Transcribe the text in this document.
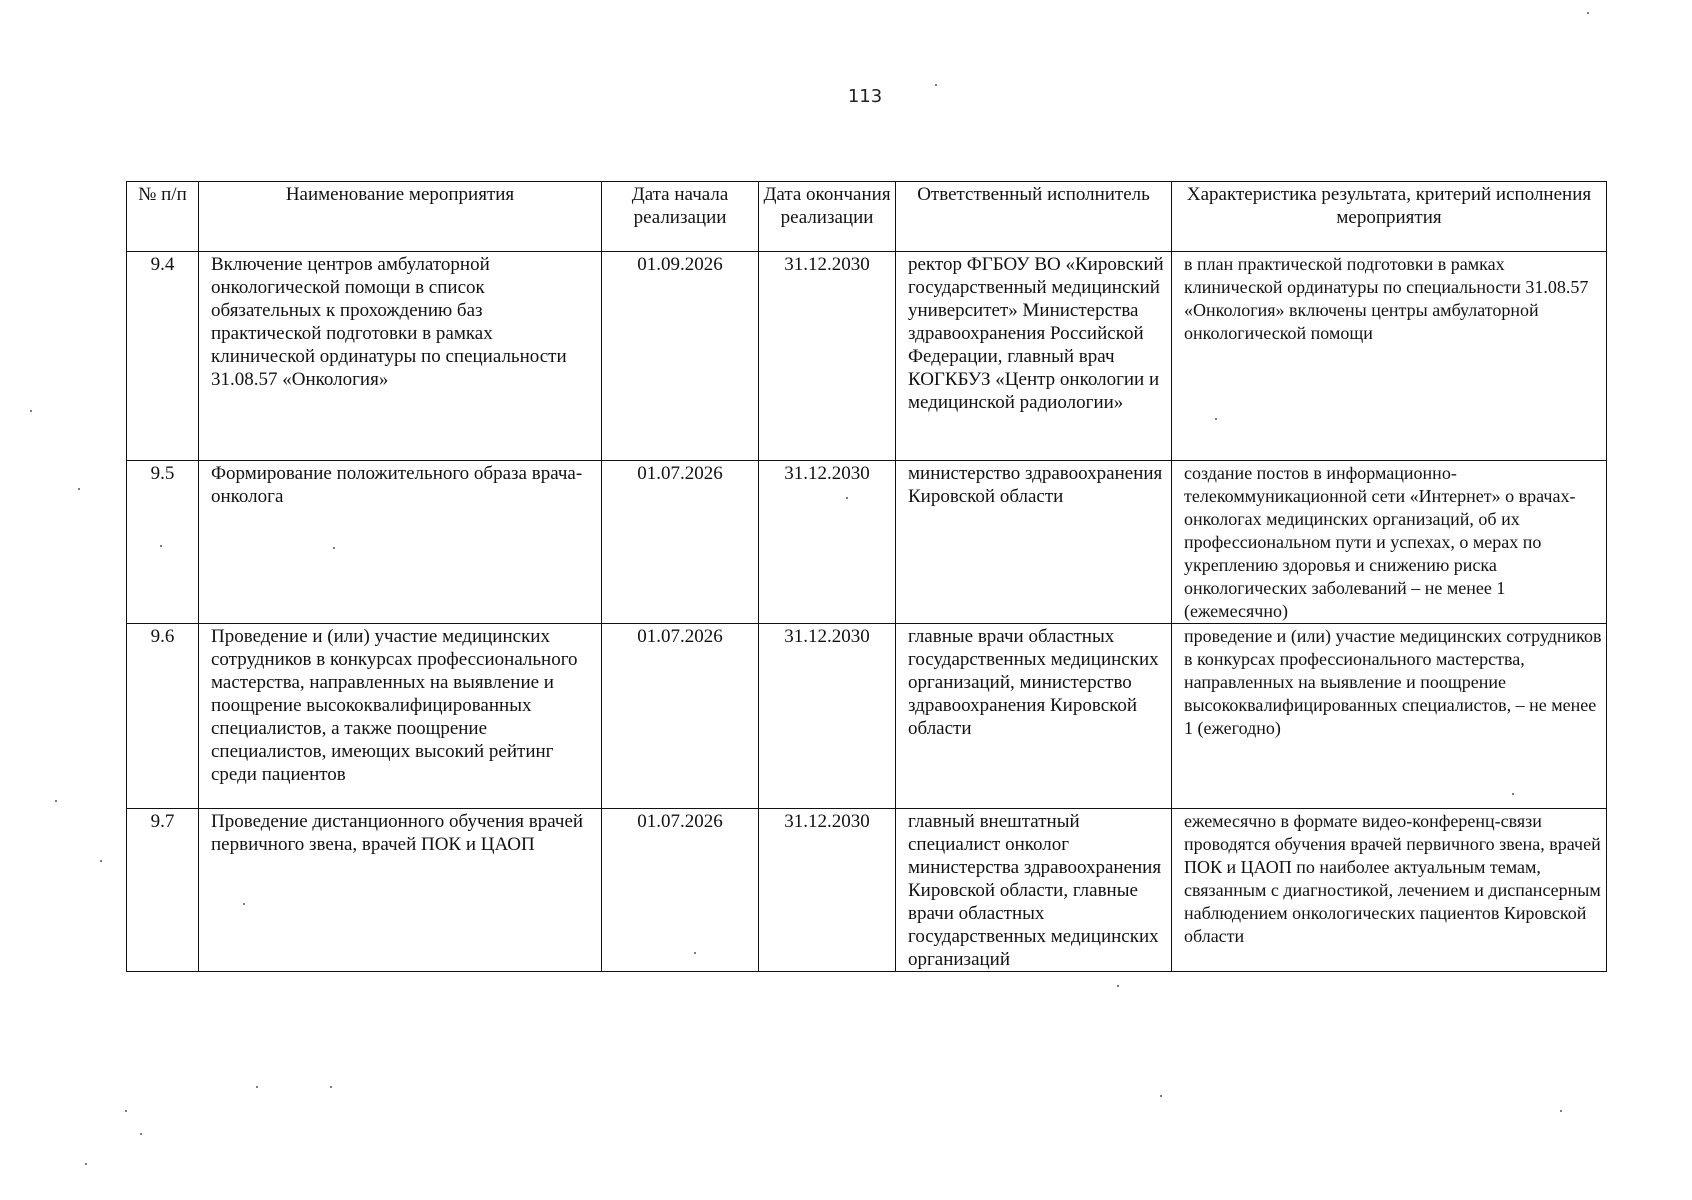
113
№ п/п	Наименование мероприятия	Дата начала реализации	Дата окончания реализации	Ответственный исполнитель	Характеристика результата, критерий исполнения мероприятия
9.4	Включение центров амбулаторной онкологической помощи в список обязательных к прохождению баз практической подготовки в рамках клинической ординатуры по специальности 31.08.57 «Онкология»	01.09.2026	31.12.2030	ректор ФГБОУ ВО «Кировский государственный медицинский университет» Министерства здравоохранения Российской Федерации, главный врач КОГКБУЗ «Центр онкологии и медицинской радиологии»	в план практической подготовки в рамках клинической ординатуры по специальности 31.08.57 «Онкология» включены центры амбулаторной онкологической помощи
9.5	Формирование положительного образа врача-онколога	01.07.2026	31.12.2030	министерство здравоохранения Кировской области	создание постов в информационно-телекоммуникационной сети «Интернет» о врачах-онкологах медицинских организаций, об их профессиональном пути и успехах, о мерах по укреплению здоровья и снижению риска онкологических заболеваний – не менее 1 (ежемесячно)
9.6	Проведение и (или) участие медицинских сотрудников в конкурсах профессионального мастерства, направленных на выявление и поощрение высококвалифицированных специалистов, а также поощрение специалистов, имеющих высокий рейтинг среди пациентов	01.07.2026	31.12.2030	главные врачи областных государственных медицинских организаций, министерство здравоохранения Кировской области	проведение и (или) участие медицинских сотрудников в конкурсах профессионального мастерства, направленных на выявление и поощрение высококвалифицированных специалистов, – не менее 1 (ежегодно)
9.7	Проведение дистанционного обучения врачей первичного звена, врачей ПОК и ЦАОП	01.07.2026	31.12.2030	главный внештатный специалист онколог министерства здравоохранения Кировской области, главные врачи областных государственных медицинских организаций	ежемесячно в формате видео-конференц-связи проводятся обучения врачей первичного звена, врачей ПОК и ЦАОП по наиболее актуальным темам, связанным с диагностикой, лечением и диспансерным наблюдением онкологических пациентов Кировской области
